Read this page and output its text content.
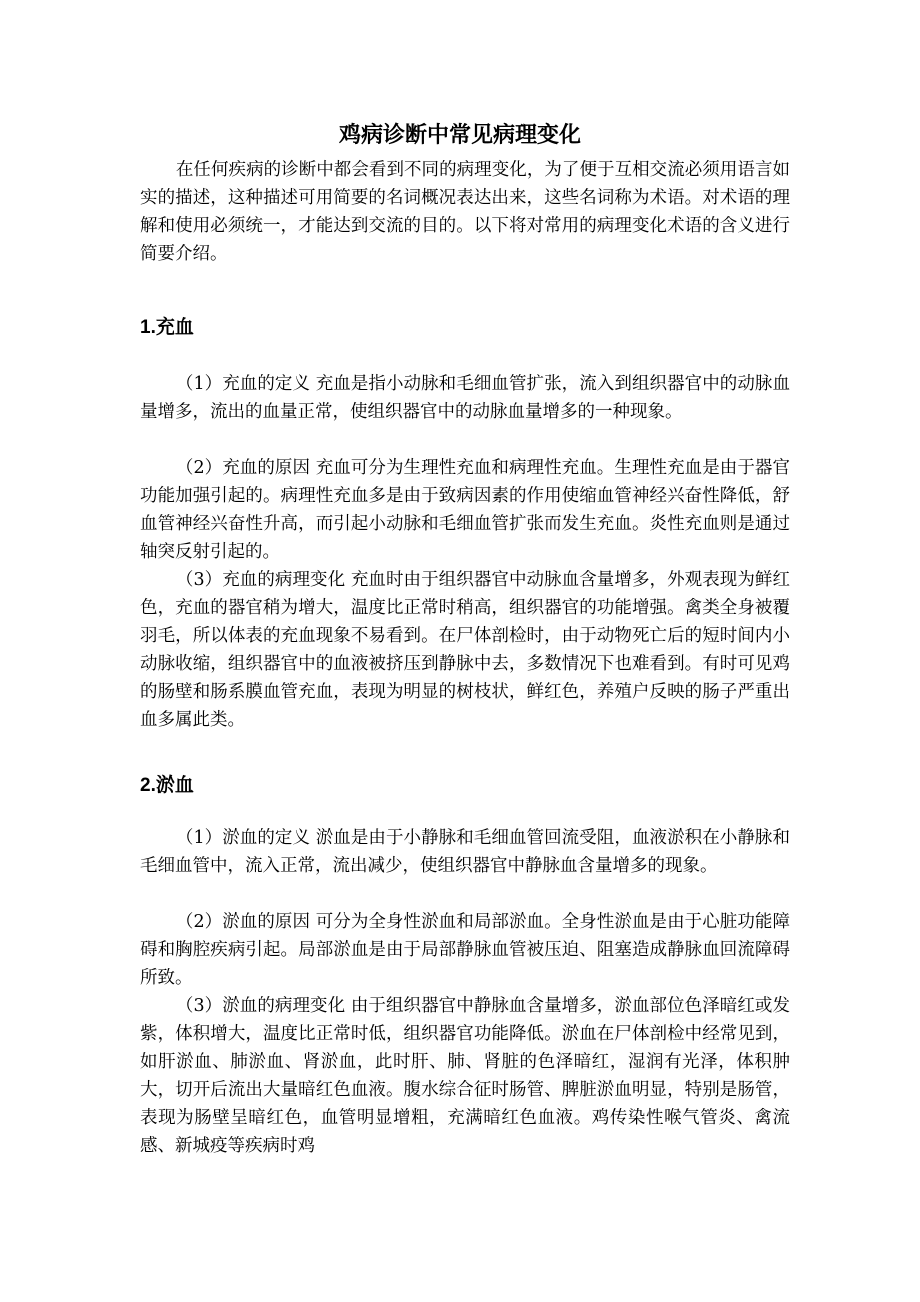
鸡病诊断中常见病理变化

在任何疾病的诊断中都会看到不同的病理变化，为了便于互相交流必须用语言如实的描述，这种描述可用简要的名词概况表达出来，这些名词称为术语。对术语的理解和使用必须统一，才能达到交流的目的。以下将对常用的病理变化术语的含义进行简要介绍。

1.充血

（1）充血的定义 充血是指小动脉和毛细血管扩张，流入到组织器官中的动脉血量增多，流出的血量正常，使组织器官中的动脉血量增多的一种现象。

（2）充血的原因 充血可分为生理性充血和病理性充血。生理性充血是由于器官功能加强引起的。病理性充血多是由于致病因素的作用使缩血管神经兴奋性降低，舒血管神经兴奋性升高，而引起小动脉和毛细血管扩张而发生充血。炎性充血则是通过轴突反射引起的。

（3）充血的病理变化 充血时由于组织器官中动脉血含量增多，外观表现为鲜红色，充血的器官稍为增大，温度比正常时稍高，组织器官的功能增强。禽类全身被覆羽毛，所以体表的充血现象不易看到。在尸体剖检时，由于动物死亡后的短时间内小动脉收缩，组织器官中的血液被挤压到静脉中去，多数情况下也难看到。有时可见鸡的肠壁和肠系膜血管充血，表现为明显的树枝状，鲜红色，养殖户反映的肠子严重出血多属此类。

2.淤血

（1）淤血的定义 淤血是由于小静脉和毛细血管回流受阻，血液淤积在小静脉和毛细血管中，流入正常，流出减少，使组织器官中静脉血含量增多的现象。

（2）淤血的原因 可分为全身性淤血和局部淤血。全身性淤血是由于心脏功能障碍和胸腔疾病引起。局部淤血是由于局部静脉血管被压迫、阻塞造成静脉血回流障碍所致。

（3）淤血的病理变化 由于组织器官中静脉血含量增多，淤血部位色泽暗红或发紫，体积增大，温度比正常时低，组织器官功能降低。淤血在尸体剖检中经常见到，如肝淤血、肺淤血、肾淤血，此时肝、肺、肾脏的色泽暗红，湿润有光泽，体积肿大，切开后流出大量暗红色血液。腹水综合征时肠管、脾脏淤血明显，特别是肠管，表现为肠壁呈暗红色，血管明显增粗，充满暗红色血液。鸡传染性喉气管炎、禽流感、新城疫等疾病时鸡
